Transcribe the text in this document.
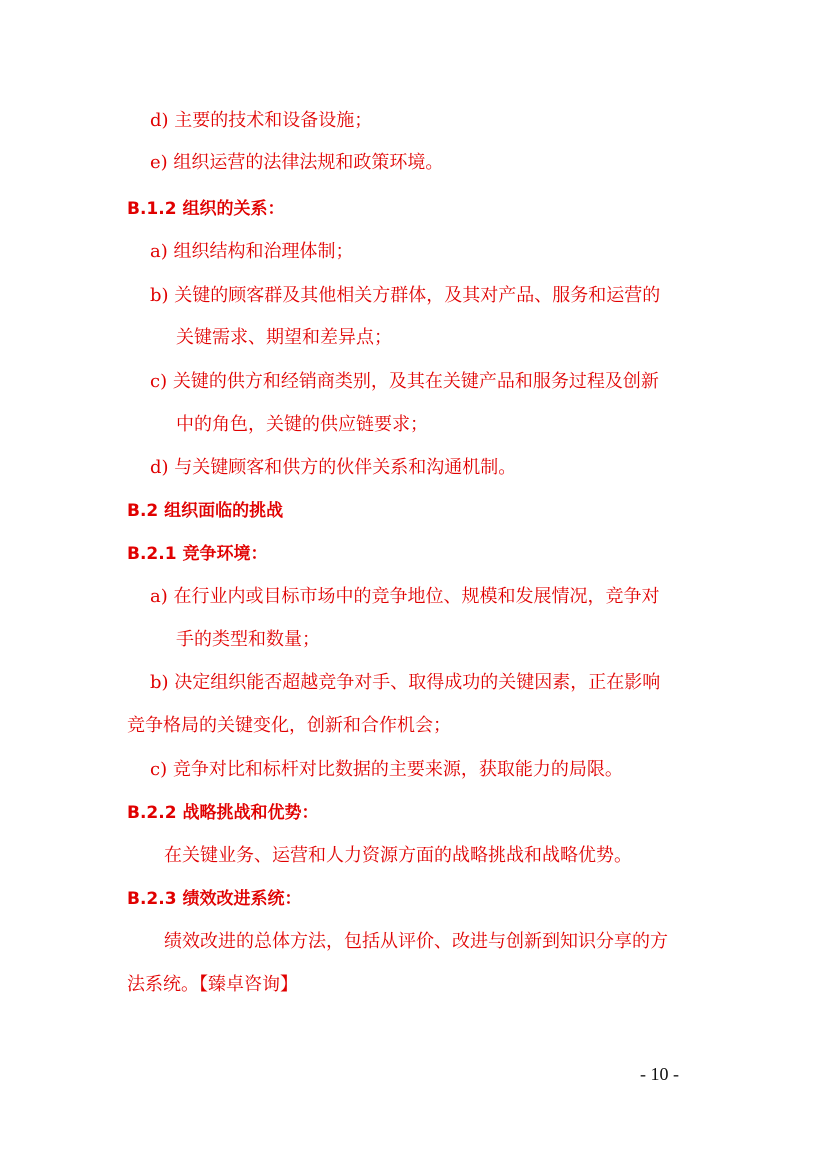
d) 主要的技术和设备设施；
e) 组织运营的法律法规和政策环境。
B.1.2 组织的关系：
a) 组织结构和治理体制；
b) 关键的顾客群及其他相关方群体，及其对产品、服务和运营的
关键需求、期望和差异点；
c) 关键的供方和经销商类别，及其在关键产品和服务过程及创新
中的角色，关键的供应链要求；
d) 与关键顾客和供方的伙伴关系和沟通机制。
B.2 组织面临的挑战
B.2.1 竞争环境：
a) 在行业内或目标市场中的竞争地位、规模和发展情况，竞争对
手的类型和数量；
b) 决定组织能否超越竞争对手、取得成功的关键因素，正在影响
竞争格局的关键变化，创新和合作机会；
c) 竞争对比和标杆对比数据的主要来源，获取能力的局限。
B.2.2 战略挑战和优势：
在关键业务、运营和人力资源方面的战略挑战和战略优势。
B.2.3 绩效改进系统：
绩效改进的总体方法，包括从评价、改进与创新到知识分享的方
法系统。【臻卓咨询】
- 10 -
